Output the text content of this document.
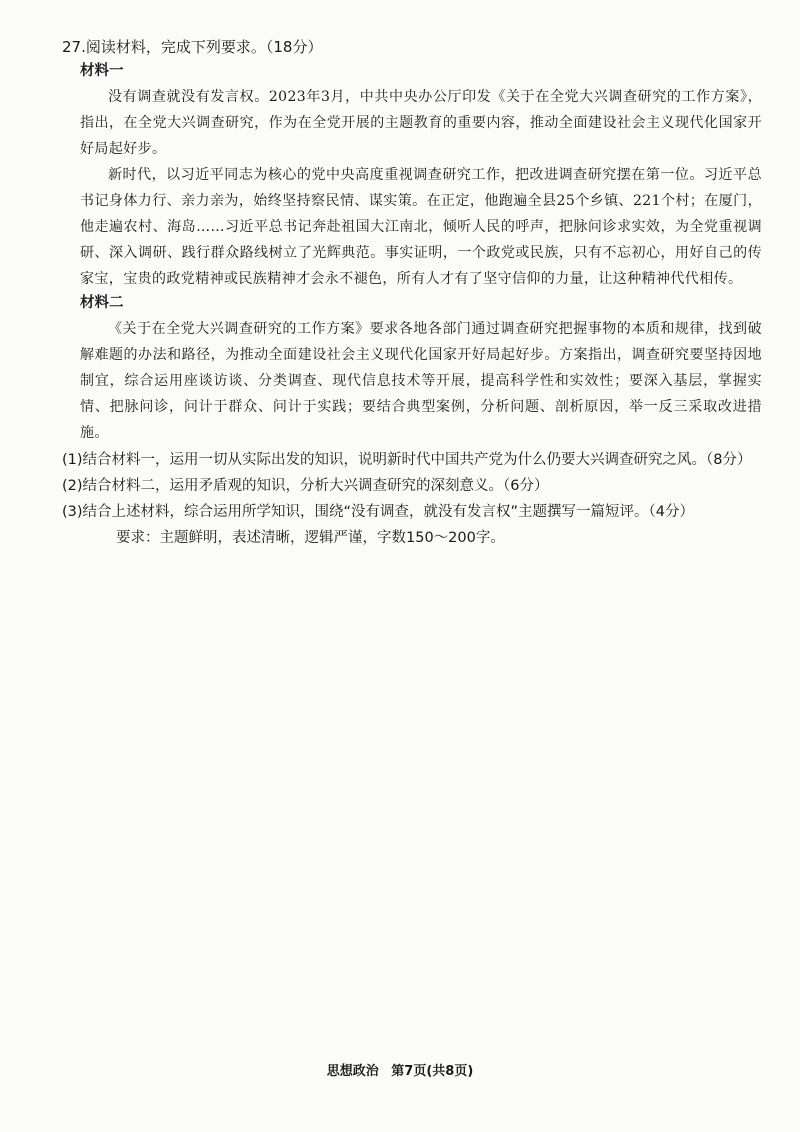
27.阅读材料，完成下列要求。（18分）
材料一

没有调查就没有发言权。2023年3月，中共中央办公厅印发《关于在全党大兴调查研究的工作方案》，指出，在全党大兴调查研究，作为在全党开展的主题教育的重要内容，推动全面建设社会主义现代化国家开好局起好步。

新时代，以习近平同志为核心的党中央高度重视调查研究工作，把改进调查研究摆在第一位。习近平总书记身体力行、亲力亲为，始终坚持察民情、谋实策。在正定，他跑遍全县25个乡镇、221个村；在厦门，他走遍农村、海岛……习近平总书记奔赴祖国大江南北，倾听人民的呼声，把脉问诊求实效，为全党重视调研、深入调研、践行群众路线树立了光辉典范。事实证明，一个政党或民族，只有不忘初心，用好自己的传家宝，宝贵的政党精神或民族精神才会永不褪色，所有人才有了坚守信仰的力量，让这种精神代代相传。

材料二

《关于在全党大兴调查研究的工作方案》要求各地各部门通过调查研究把握事物的本质和规律，找到破解难题的办法和路径，为推动全面建设社会主义现代化国家开好局起好步。方案指出，调查研究要坚持因地制宜，综合运用座谈访谈、分类调查、现代信息技术等开展，提高科学性和实效性；要深入基层，掌握实情、把脉问诊，问计于群众、问计于实践；要结合典型案例，分析问题、剖析原因，举一反三采取改进措施。

(1)结合材料一，运用一切从实际出发的知识，说明新时代中国共产党为什么仍要大兴调查研究之风。（8分）
(2)结合材料二，运用矛盾观的知识，分析大兴调查研究的深刻意义。（6分）
(3)结合上述材料，综合运用所学知识，围绕“没有调查，就没有发言权”主题撰写一篇短评。（4分）
要求：主题鲜明，表述清晰，逻辑严谨，字数150～200字。
思想政治 第7页(共8页)
